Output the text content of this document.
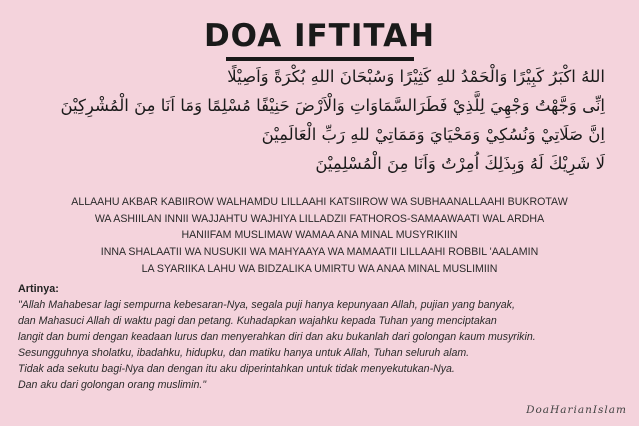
DOA IFTITAH
اللهُ اكْبَرُ كَبِيْرًا وَالْحَمْدُ للهِ كَثِيْرًا وَسُبْحَانَ اللهِ بُكْرَةً وَاَصِيْلًا
اِنِّى وَجَّهْتُ وَجْهِيَ لِلَّذِيْ فَطَرَالسَّمَاوَاتِ وَالْاَرْضَ حَنِيْفًا مُسْلِمًا وَمَا اَنَا مِنَ الْمُشْرِكِيْنَ
اِنَّ صَلَاتِيْ وَنُسُكِيْ وَمَحْيَايَ وَمَمَاتِيْ للهِ رَبِّ الْعَالَمِيْنَ
لَا شَرِيْكَ لَهُ وَبِذَلِكَ اُمِرْتُ وَاَنَا مِنَ الْمُسْلِمِيْنَ
ALLAAHU AKBAR KABIIROW WALHAMDU LILLAAHI KATSIIROW WA SUBHAANALLAAHI BUKROTAW
WA ASHIILAN INNII WAJJAHTU WAJHIYA LILLADZII FATHOROS-SAMAAWAATI WAL ARDHA
HANIIFAM MUSLIMAW WAMAA ANA MINAL MUSYRIKIIN
INNA SHALAATII WA NUSUKII WA MAHYAAYA WA MAMAATII LILLAAHI ROBBIL 'AALAMIN
LA SYARIIKA LAHU WA BIDZALIKA UMIRTU WA ANAA MINAL MUSLIMIIN
Artinya:
"Allah Mahabesar lagi sempurna kebesaran-Nya, segala puji hanya kepunyaan Allah, pujian yang banyak,
dan Mahasuci Allah di waktu pagi dan petang. Kuhadapkan wajahku kepada Tuhan yang menciptakan
langit dan bumi dengan keadaan lurus dan menyerahkan diri dan aku bukanlah dari golongan kaum musyrikin.
Sesungguhnya sholatku, ibadahku, hidupku, dan matiku hanya untuk Allah, Tuhan seluruh alam.
Tidak ada sekutu bagi-Nya dan dengan itu aku diperintahkan untuk tidak menyekutukan-Nya.
Dan aku dari golongan orang muslimin."
DoaHarianIslam
